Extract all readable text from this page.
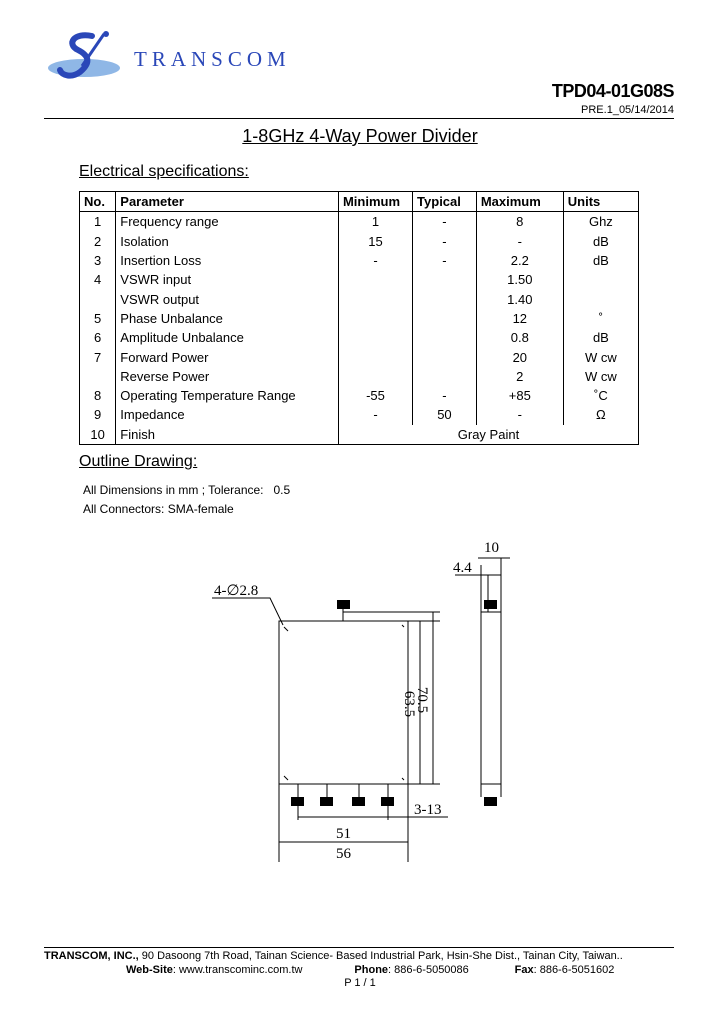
TRANSCOM
TPD04-01G08S
PRE.1_05/14/2014
1-8GHz 4-Way Power Divider
Electrical specifications:
No.	Parameter	Minimum	Typical	Maximum	Units
1	Frequency range	1	-	8	Ghz
2	Isolation	15	-	-	dB
3	Insertion Loss	-	-	2.2	dB
4	VSWR input			1.50	
	VSWR output			1.40	
5	Phase Unbalance			12	˚
6	Amplitude Unbalance			0.8	dB
7	Forward Power			20	W cw
	Reverse Power			2	W cw
8	Operating Temperature Range	-55	-	+85	˚C
9	Impedance	-	50	-	Ω
10	Finish	Gray Paint			
Outline Drawing:
All Dimensions in mm ; Tolerance:   0.5
All Connectors: SMA-female
4-∅2.8
10
4.4
63.5
70.5
3-13
51
56
TRANSCOM, INC., 90 Dasoong 7th Road, Tainan Science- Based Industrial Park, Hsin-She Dist., Tainan City, Taiwan..
Web-Site: www.transcominc.com.tw	Phone: 886-6-5050086	Fax: 886-6-5051602
P 1 / 1
